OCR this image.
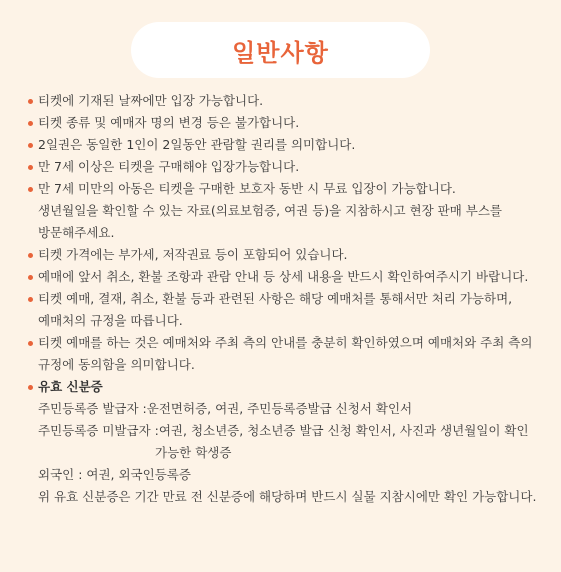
일반사항
티켓에 기재된 날짜에만 입장 가능합니다.
티켓 종류 및 예매자 명의 변경 등은 불가합니다.
2일권은 동일한 1인이 2일동안 관람할 권리를 의미합니다.
만 7세 이상은 티켓을 구매해야 입장가능합니다.
만 7세 미만의 아동은 티켓을 구매한 보호자 동반 시 무료 입장이 가능합니다.
생년월일을 확인할 수 있는 자료(의료보험증, 여권 등)을 지참하시고 현장 판매 부스를
방문해주세요.
티켓 가격에는 부가세, 저작권료 등이 포함되어 있습니다.
예매에 앞서 취소, 환불 조항과 관람 안내 등 상세 내용을 반드시 확인하여주시기 바랍니다.
티켓 예매, 결재, 취소, 환불 등과 관련된 사항은 해당 예매처를 통해서만 처리 가능하며,
예매처의 규정을 따릅니다.
티켓 예매를 하는 것은 예매처와 주최 측의 안내를 충분히 확인하였으며 예매처와 주최 측의
규정에 동의함을 의미합니다.
유효 신분증
주민등록증 발급자 : 운전면허증, 여권, 주민등록증발급 신청서 확인서
주민등록증 미발급자 : 여권, 청소년증, 청소년증 발급 신청 확인서, 사진과 생년월일이 확인
가능한 학생증
외국인 : 여권, 외국인등록증
위 유효 신분증은 기간 만료 전 신분증에 해당하며 반드시 실물 지참시에만 확인 가능합니다.
